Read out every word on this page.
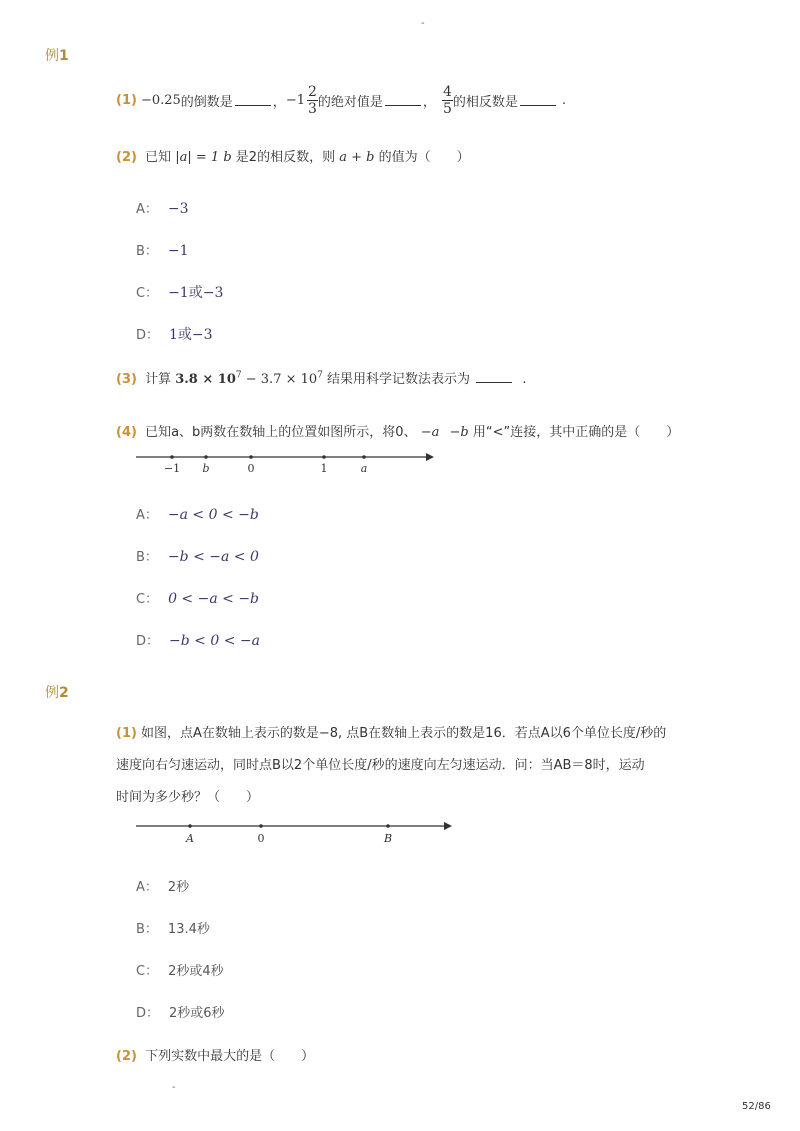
-
-
52/86
例1
(1) −0.25 的倒数是	， $-1 \frac{2}{3}$ 的绝对值是	， $\frac{4}{5}$ 的相反数是	.
(2) 已知 |a| = 1 b 是2的相反数，则 a + b 的值为（　　）
A： −3
B： −1
C： −1或−3
D： 1或−3
(3) 计算 $3.8 \times 10^7 - 3.7 \times 10^7$ 结果用科学记数法表示为	.
(4) 已知a、b两数在数轴上的位置如图所示，将0、 −a −b 用“<”连接，其中正确的是（　　）
−1 b	0	1	a
A： −a < 0 < −b
B： −b < −a < 0
C： 0 < −a < −b
D： −b < 0 < −a
例2
(1) 如图，点A在数轴上表示的数是−8, 点B在数轴上表示的数是16．若点A以6个单位长度/秒的
速度向右匀速运动，同时点B以2个单位长度/秒的速度向左匀速运动．问：当AB＝8时，运动
时间为多少秒？（　　）
A	0	B
A： 2秒
B： 13.4秒
C： 2秒或4秒
D： 2秒或6秒
(2) 下列实数中最大的是（　　）
